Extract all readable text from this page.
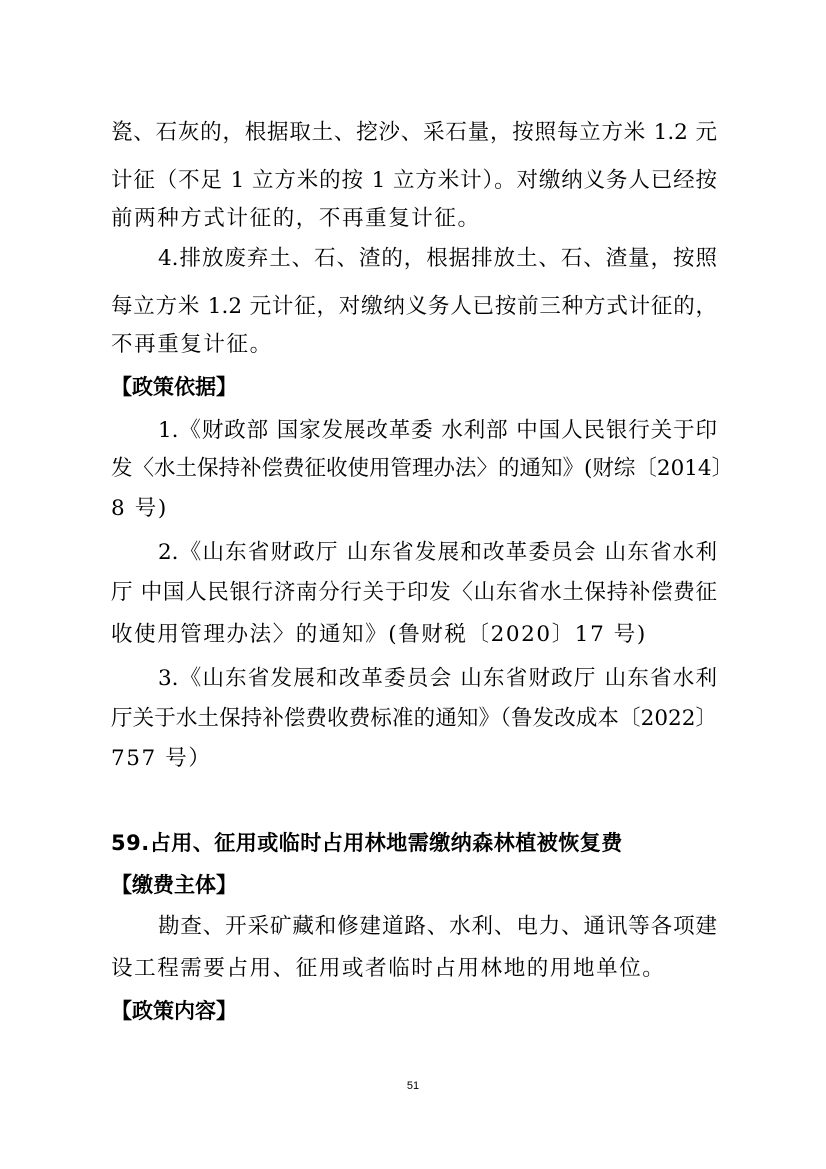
瓷、石灰的，根据取土、挖沙、采石量，按照每立方米 1.2 元

计征（不足 1 立方米的按 1 立方米计）。对缴纳义务人已经按

前两种方式计征的，不再重复计征。

4.排放废弃土、石、渣的，根据排放土、石、渣量，按照

每立方米 1.2 元计征，对缴纳义务人已按前三种方式计征的，

不再重复计征。

【政策依据】

1.《财政部 国家发展改革委 水利部 中国人民银行关于印

发〈水土保持补偿费征收使用管理办法〉的通知》(财综〔2014〕

8 号)

2.《山东省财政厅 山东省发展和改革委员会 山东省水利

厅 中国人民银行济南分行关于印发〈山东省水土保持补偿费征

收使用管理办法〉的通知》(鲁财税〔2020〕17 号)

3.《山东省发展和改革委员会 山东省财政厅 山东省水利

厅关于水土保持补偿费收费标准的通知》（鲁发改成本〔2022〕

757 号）

59.占用、征用或临时占用林地需缴纳森林植被恢复费

【缴费主体】

勘查、开采矿藏和修建道路、水利、电力、通讯等各项建

设工程需要占用、征用或者临时占用林地的用地单位。

【政策内容】

51
